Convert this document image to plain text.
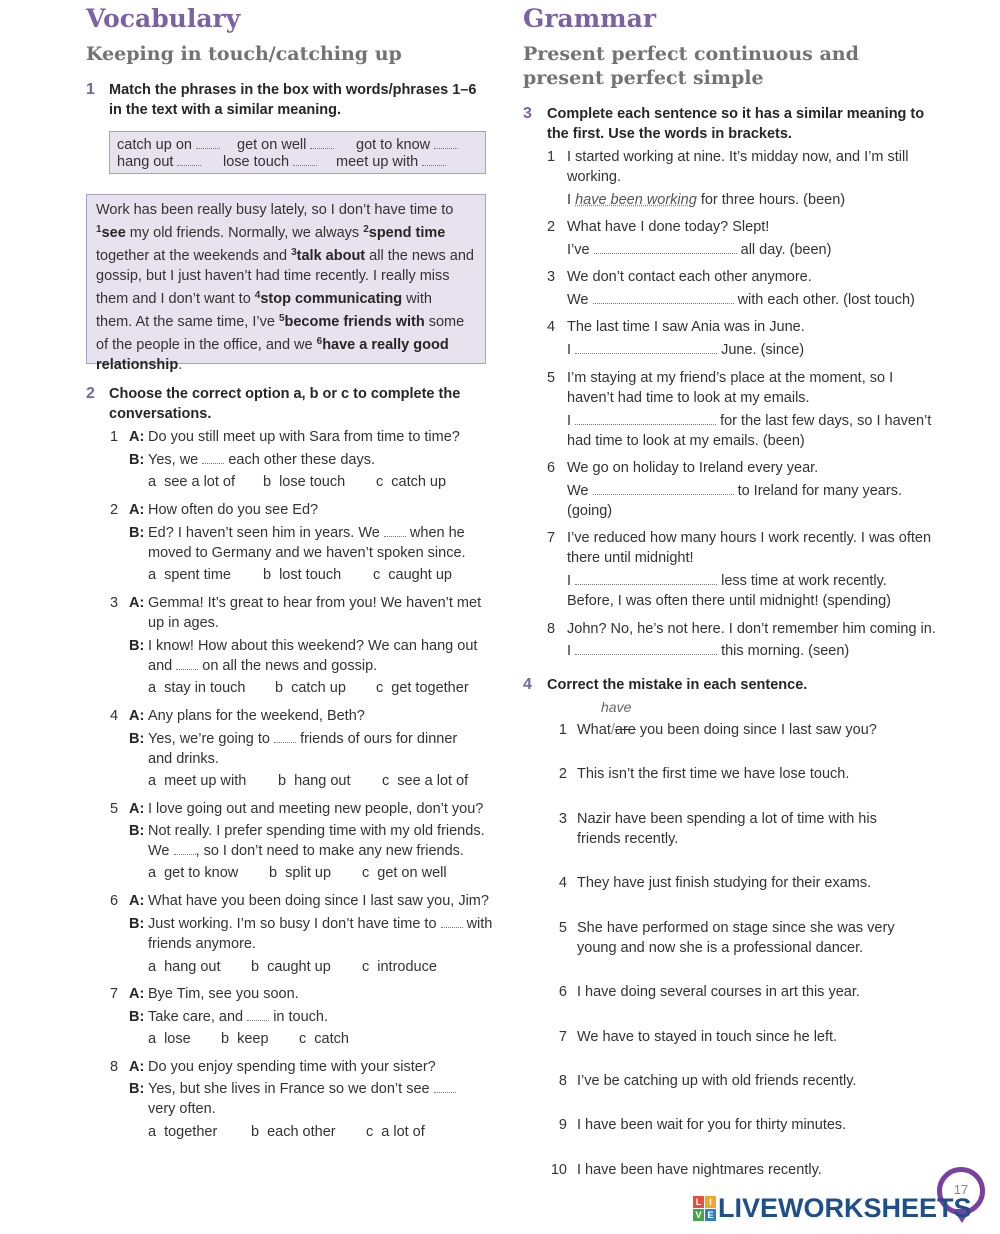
Vocabulary
Keeping in touch/catching up
1 Match the phrases in the box with words/phrases 1–6 in the text with a similar meaning.
catch up on	get on well	got to know
hang out	lose touch	meet up with
Work has been really busy lately, so I don’t have time to
$^1$see my old friends. Normally, we always $^2$spend time
together at the weekends and $^3$talk about all the news and
gossip, but I just haven’t had time recently. I really miss
them and I don’t want to $^4$stop communicating with
them. At the same time, I’ve $^5$become friends with some
of the people in the office, and we $^6$have a really good
relationship.
2 Choose the correct option a, b or c to complete the conversations.
1 A: Do you still meet up with Sara from time to time?
B: Yes, we each other these days.
a see a lot of b lose touch c catch up
2 A: How often do you see Ed?
B: Ed? I haven’t seen him in years. We when he
moved to Germany and we haven’t spoken since.
a spent time b lost touch c caught up
3 A: Gemma! It’s great to hear from you! We haven’t met
up in ages.
B: I know! How about this weekend? We can hang out
and on all the news and gossip.
a stay in touch b catch up c get together
4 A: Any plans for the weekend, Beth?
B: Yes, we’re going to friends of ours for dinner
and drinks.
a meet up with b hang out c see a lot of
5 A: I love going out and meeting new people, don’t you?
B: Not really. I prefer spending time with my old friends.
We , so I don’t need to make any new friends.
a get to know b split up c get on well
6 A: What have you been doing since I last saw you, Jim?
B: Just working. I’m so busy I don’t have time to with
friends anymore.
a hang out b caught up c introduce
7 A: Bye Tim, see you soon.
B: Take care, and in touch.
a lose b keep c catch
8 A: Do you enjoy spending time with your sister?
B: Yes, but she lives in France so we don’t see
very often.
a together b each other c a lot of
Grammar
Present perfect continuous and
present perfect simple
3 Complete each sentence so it has a similar meaning to the first. Use the words in brackets.
1 I started working at nine. It’s midday now, and I’m still
working.
I have been working for three hours. (been)
2 What have I done today? Slept!
I’ve	all day. (been)
3 We don’t contact each other anymore.
We	with each other. (lost touch)
4 The last time I saw Ania was in June.
I	June. (since)
5 I’m staying at my friend’s place at the moment, so I
haven’t had time to look at my emails.
I	for the last few days, so I haven’t
had time to look at my emails. (been)
6 We go on holiday to Ireland every year.
We	to Ireland for many years.
(going)
7 I’ve reduced how many hours I work recently. I was often
there until midnight!
I	less time at work recently.
Before, I was often there until midnight! (spending)
8 John? No, he’s not here. I don’t remember him coming in.
I	this morning. (seen)
4 Correct the mistake in each sentence.
have
1 What/are you been doing since I last saw you?
2 This isn’t the first time we have lose touch.
3 Nazir have been spending a lot of time with his
friends recently.
4 They have just finish studying for their exams.
5 She have performed on stage since she was very
young and now she is a professional dancer.
6 I have doing several courses in art this year.
7 We have to stayed in touch since he left.
8 I’ve be catching up with old friends recently.
9 I have been wait for you for thirty minutes.
10 I have been have nightmares recently.
17
L I
V E LIVEWORKSHEETS
